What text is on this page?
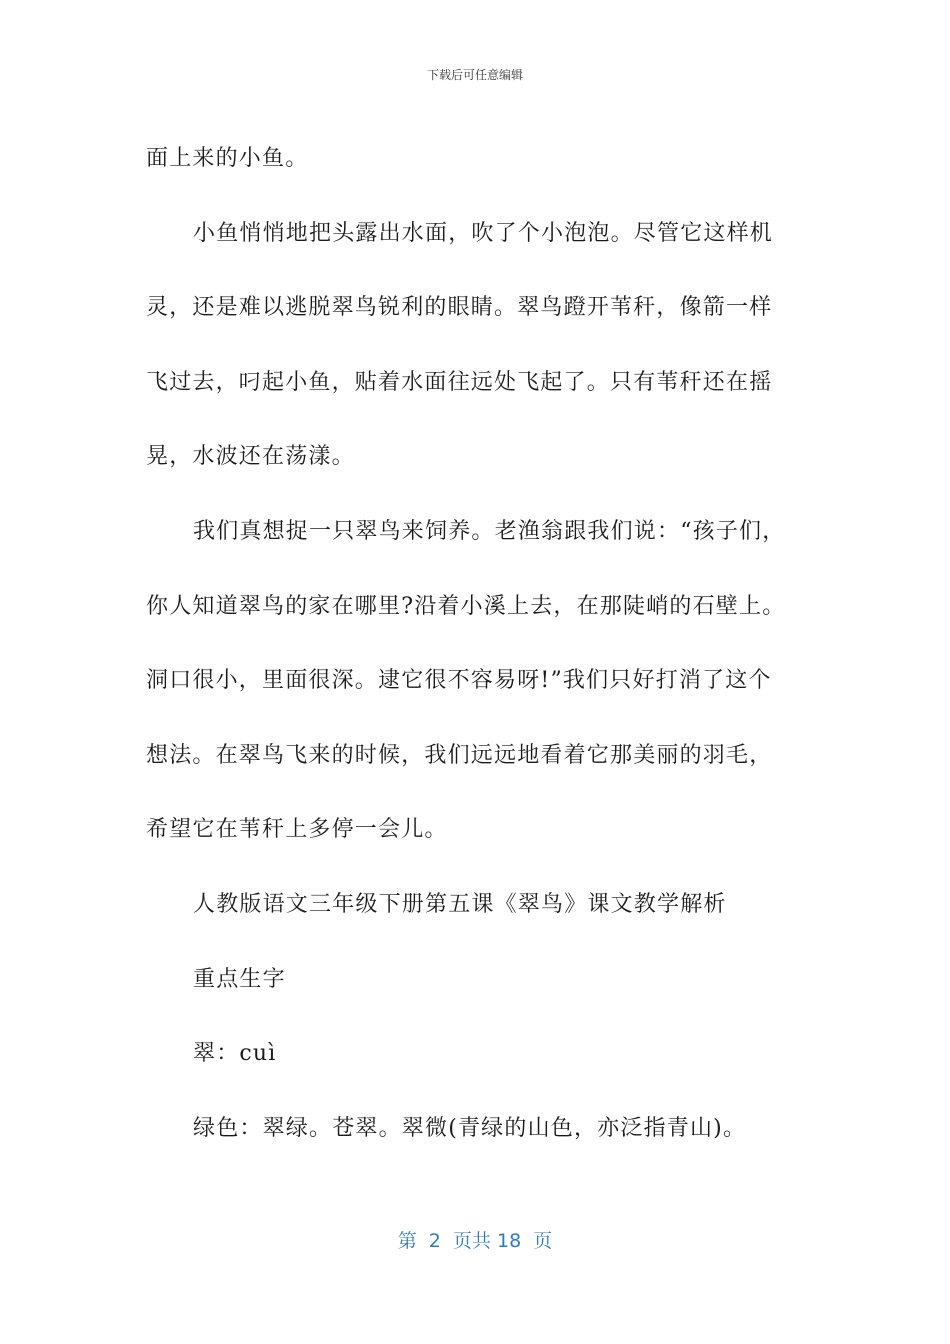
下载后可任意编辑

面上来的小鱼。

小鱼悄悄地把头露出水面，吹了个小泡泡。尽管它这样机

灵，还是难以逃脱翠鸟锐利的眼睛。翠鸟蹬开苇秆，像箭一样

飞过去，叼起小鱼，贴着水面往远处飞起了。只有苇秆还在摇

晃，水波还在荡漾。

我们真想捉一只翠鸟来饲养。老渔翁跟我们说：“孩子们，

你人知道翠鸟的家在哪里?沿着小溪上去，在那陡峭的石壁上。

洞口很小，里面很深。逮它很不容易呀!”我们只好打消了这个

想法。在翠鸟飞来的时候，我们远远地看着它那美丽的羽毛，

希望它在苇秆上多停一会儿。

人教版语文三年级下册第五课《翠鸟》课文教学解析

重点生字

翠：cuì

绿色：翠绿。苍翠。翠微(青绿的山色，亦泛指青山)。

第  2  页共 18  页
